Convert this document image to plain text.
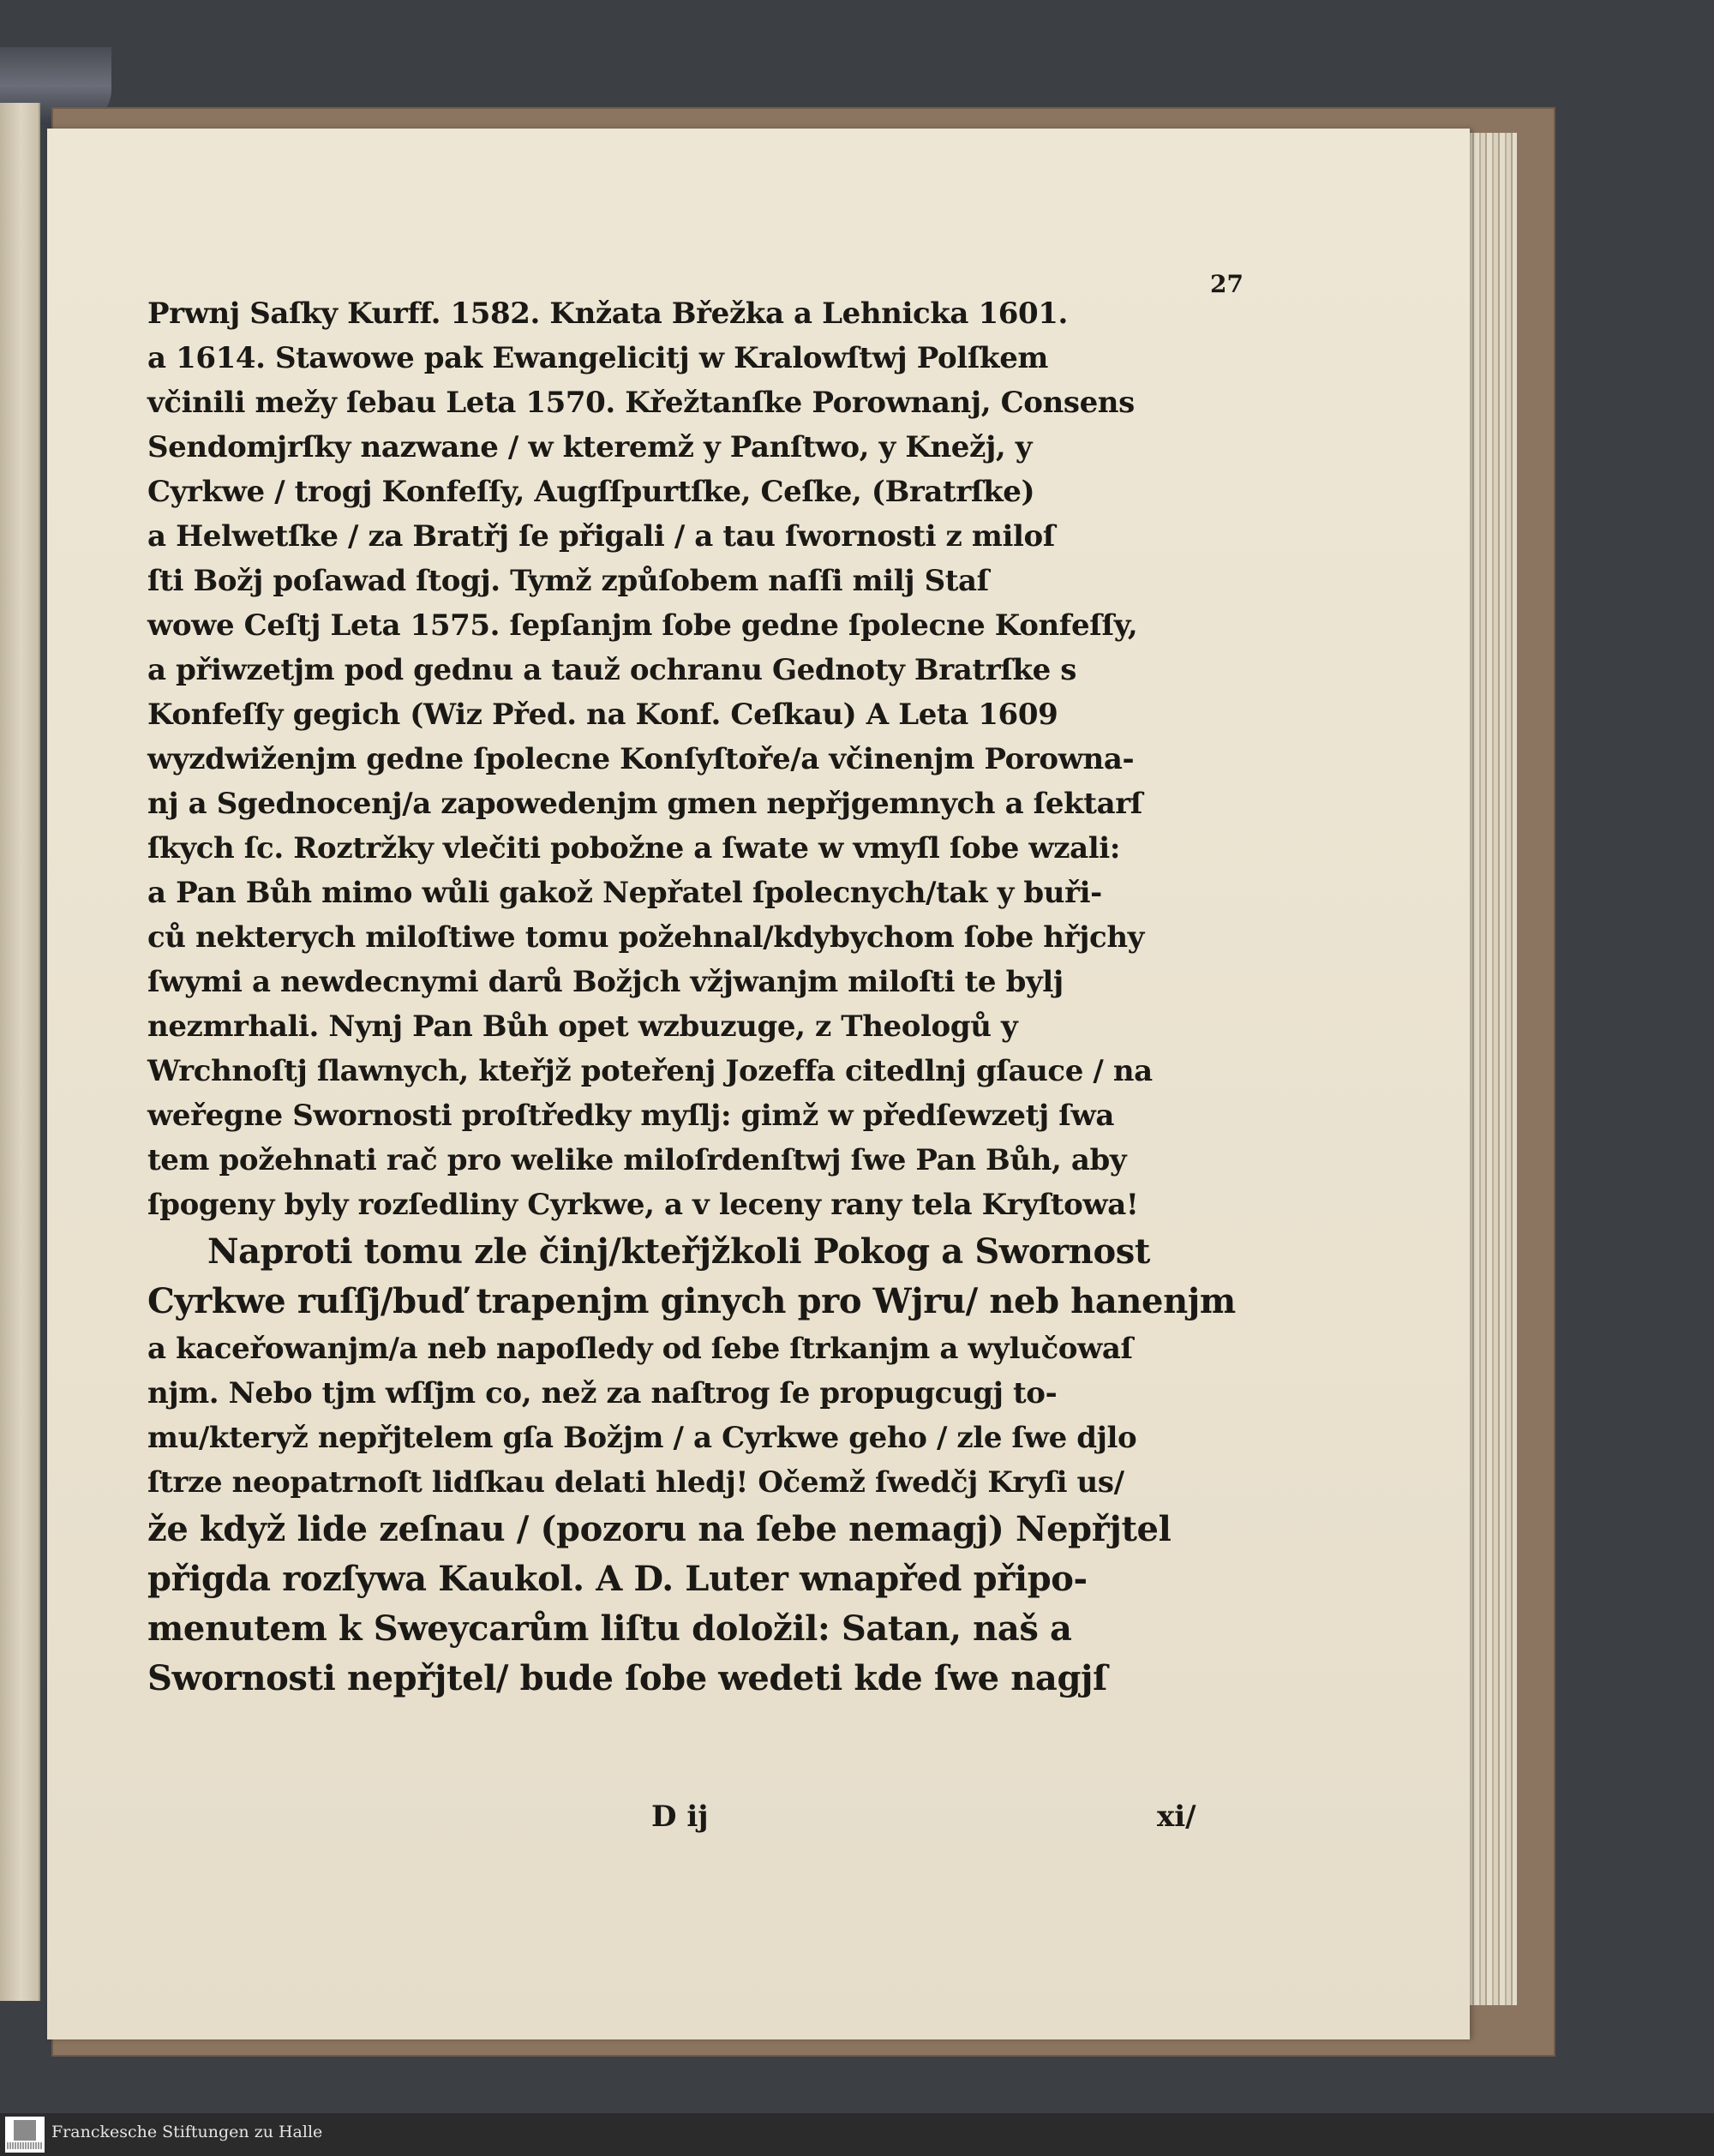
27
Prwnj Saſky Kurff. 1582. Knžata Břežka a Lehnicka 1601.
a 1614. Stawowe pak Ewangelicitj w Kralowſtwj Polſkem
včinili mežy ſebau Leta 1570. Křežtanſke Porownanj, Consens
Sendomjrſky nazwane / w kteremž y Panſtwo, y Knežj, y
Cyrkwe / trogj Konfeſſy, Augſſpurtſke, Ceſke, (Bratrſke)
a Helwetſke / za Bratřj ſe přigali / a tau ſwornosti z miloſ
ſti Božj poſawad ſtogj. Tymž způſobem naſſi milj Staſ
wowe Ceſtj Leta 1575. ſepſanjm ſobe gedne ſpolecne Konfeſſy,
a přiwzetjm pod gednu a tauž ochranu Gednoty Bratrſke s
Konfeſſy gegich (Wiz Před. na Konf. Ceſkau) A Leta 1609
wyzdwiženjm gedne ſpolecne Konſyſtoře/a včinenjm Porowna-
nj a Sgednocenj/a zapowedenjm gmen nepřjgemnych a ſektarſ
ſkych ſc. Roztržky vlečiti pobožne a ſwate w vmyſl ſobe wzali:
a Pan Bůh mimo wůli gakož Nepřatel ſpolecnych/tak y buři-
ců nekterych miloſtiwe tomu požehnal/kdybychom ſobe hřjchy
ſwymi a newdecnymi darů Božjch vžjwanjm miloſti te bylj
nezmrhali. Nynj Pan Bůh opet wzbuzuge, z Theologů y
Wrchnoſtj ſlawnych, kteřjž poteřenj Jozeffa citedlnj gſauce / na
weřegne Swornosti proſtředky myſlj: gimž w předſewzetj ſwa
tem požehnati rač pro welike miloſrdenſtwj ſwe Pan Bůh, aby
ſpogeny byly rozſedliny Cyrkwe, a v leceny rany tela Kryſtowa!
Naproti tomu zle činj/kteřjžkoli Pokog a Swornost
Cyrkwe ruſſj/buď trapenjm ginych pro Wjru/ neb hanenjm
a kaceřowanjm/a neb napoſledy od ſebe ſtrkanjm a wylučowaſ
njm. Nebo tjm wſſjm co, než za naſtrog ſe propugcugj to-
mu/kteryž nepřjtelem gſa Božjm / a Cyrkwe geho / zle ſwe djlo
ſtrze neopatrnoſt lidſkau delati hledj! Očemž ſwedčj Kryſi us/
že když lide zeſnau / (pozoru na ſebe nemagj) Nepřjtel
přigda rozſywa Kaukol. A D. Luter wnapřed připo-
menutem k Sweycarům liſtu doložil: Satan, naš a
Swornosti nepřjtel/ bude ſobe wedeti kde ſwe nagjſ
D ij	xi/
Franckesche Stiftungen zu Halle
